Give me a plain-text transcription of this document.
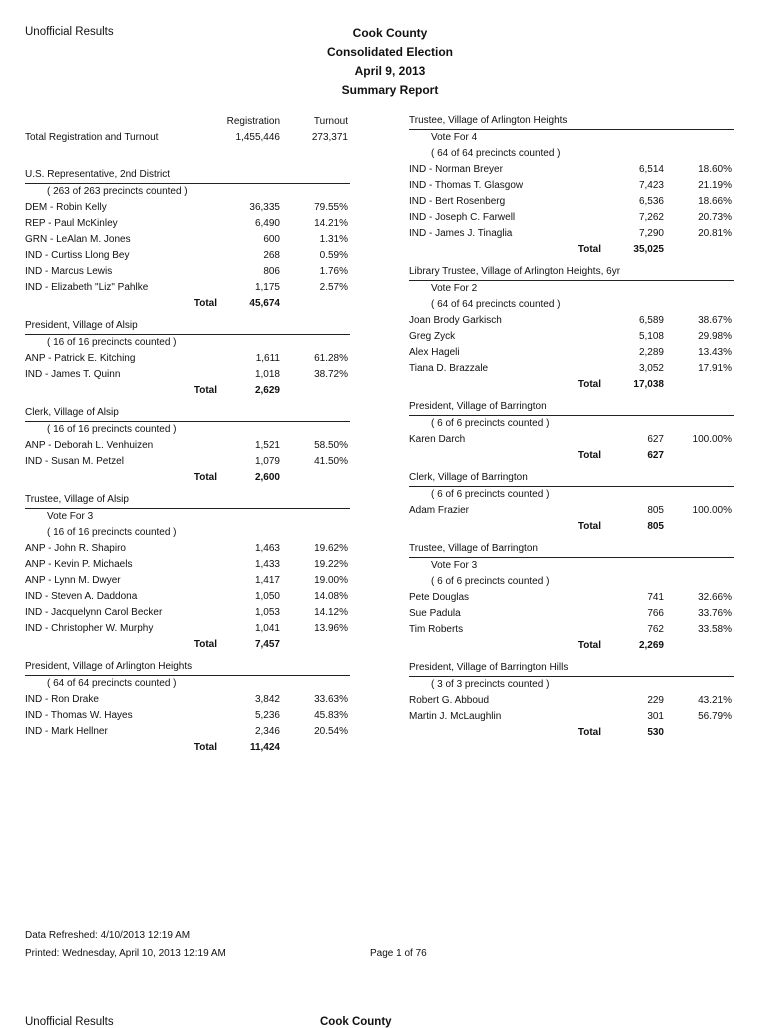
Unofficial Results	Cook County
Consolidated Election
April 9, 2013
Summary Report
Registration	Turnout
Total Registration and Turnout	1,455,446	273,371
U.S. Representative, 2nd District
( 263 of 263 precincts counted )
DEM - Robin Kelly	36,335	79.55%
REP - Paul McKinley	6,490	14.21%
GRN - LeAlan M. Jones	600	1.31%
IND - Curtiss Llong Bey	268	0.59%
IND - Marcus Lewis	806	1.76%
IND - Elizabeth "Liz" Pahlke	1,175	2.57%
Total	45,674
President, Village of Alsip
( 16 of 16 precincts counted )
ANP - Patrick E. Kitching	1,611	61.28%
IND - James T. Quinn	1,018	38.72%
Total	2,629
Clerk, Village of Alsip
( 16 of 16 precincts counted )
ANP - Deborah L. Venhuizen	1,521	58.50%
IND - Susan M. Petzel	1,079	41.50%
Total	2,600
Trustee, Village of Alsip
Vote For 3
( 16 of 16 precincts counted )
ANP - John R. Shapiro	1,463	19.62%
ANP - Kevin P. Michaels	1,433	19.22%
ANP - Lynn M. Dwyer	1,417	19.00%
IND - Steven A. Daddona	1,050	14.08%
IND - Jacquelynn Carol Becker	1,053	14.12%
IND - Christopher W. Murphy	1,041	13.96%
Total	7,457
President, Village of Arlington Heights
( 64 of 64 precincts counted )
IND - Ron Drake	3,842	33.63%
IND - Thomas W. Hayes	5,236	45.83%
IND - Mark Hellner	2,346	20.54%
Total	11,424
Trustee, Village of Arlington Heights
Vote For 4
( 64 of 64 precincts counted )
IND - Norman Breyer	6,514	18.60%
IND - Thomas T. Glasgow	7,423	21.19%
IND - Bert Rosenberg	6,536	18.66%
IND - Joseph C. Farwell	7,262	20.73%
IND - James J. Tinaglia	7,290	20.81%
Total	35,025
Library Trustee, Village of Arlington Heights, 6yr
Vote For 2
( 64 of 64 precincts counted )
Joan Brody Garkisch	6,589	38.67%
Greg Zyck	5,108	29.98%
Alex Hageli	2,289	13.43%
Tiana D. Brazzale	3,052	17.91%
Total	17,038
President, Village of Barrington
( 6 of 6 precincts counted )
Karen Darch	627	100.00%
Total	627
Clerk, Village of Barrington
( 6 of 6 precincts counted )
Adam Frazier	805	100.00%
Total	805
Trustee, Village of Barrington
Vote For 3
( 6 of 6 precincts counted )
Pete Douglas	741	32.66%
Sue Padula	766	33.76%
Tim Roberts	762	33.58%
Total	2,269
President, Village of Barrington Hills
( 3 of 3 precincts counted )
Robert G. Abboud	229	43.21%
Martin J. McLaughlin	301	56.79%
Total	530
Data Refreshed: 4/10/2013 12:19 AM
Printed: Wednesday, April 10, 2013 12:19 AM	Page 1 of 76
Unofficial Results	Cook County
